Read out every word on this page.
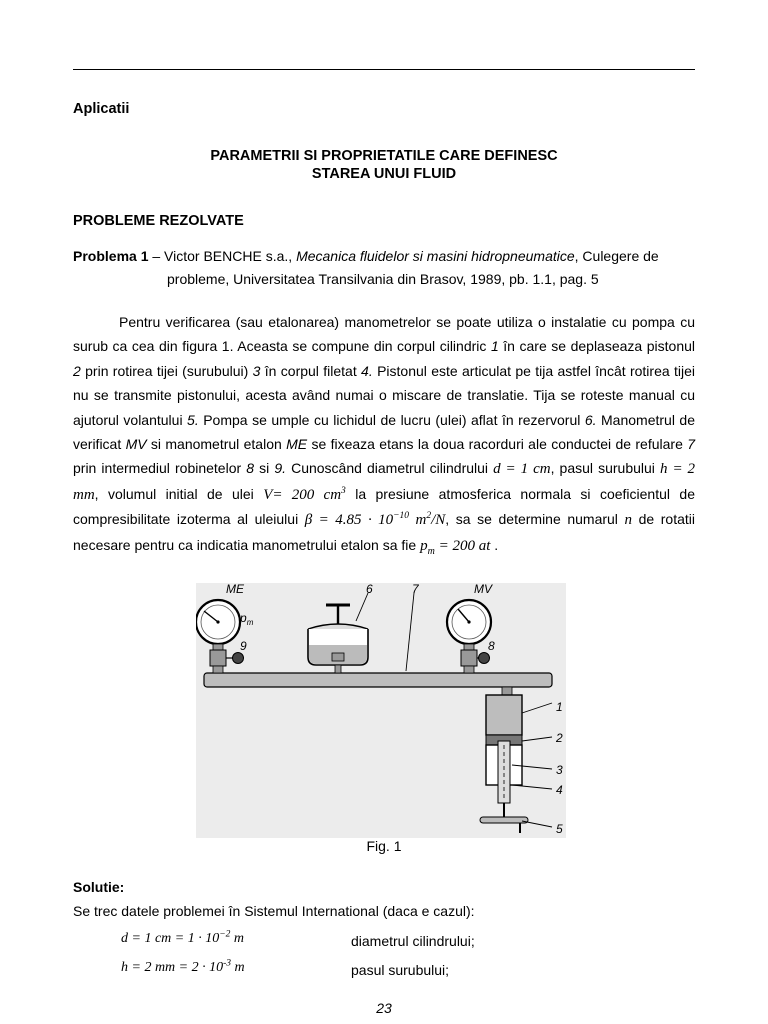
Aplicatii
PARAMETRII SI PROPRIETATILE CARE DEFINESC
STAREA UNUI FLUID
PROBLEME REZOLVATE
Problema 1 – Victor BENCHE s.a., Mecanica fluidelor si masini hidropneumatice, Culegere de
probleme, Universitatea Transilvania din Brasov, 1989, pb. 1.1, pag. 5
Pentru verificarea (sau etalonarea) manometrelor se poate utiliza o instalatie cu pompa cu surub ca cea din figura 1. Aceasta se compune din corpul cilindric 1 în care se deplaseaza pistonul 2 prin rotirea tijei (surubului) 3 în corpul filetat 4. Pistonul este articulat pe tija astfel încât rotirea tijei nu se transmite pistonului, acesta având numai o miscare de translatie. Tija se roteste manual cu ajutorul volantului 5. Pompa se umple cu lichidul de lucru (ulei) aflat în rezervorul 6. Manometrul de verificat MV si manometrul etalon ME se fixeaza etans la doua racorduri ale conductei de refulare 7 prin intermediul robinetelor 8 si 9. Cunoscând diametrul cilindrului d = 1 cm, pasul surubului h = 2 mm, volumul initial de ulei V= 200 $cm^3$ la presiune atmosferica normala si coeficientul de compresibilitate izoterma al uleiului $\beta = 4.85 \cdot 10^{-10}$ $m^2/N$, sa se determine numarul n de rotatii necesare pentru ca indicatia manometrului etalon sa fie $p_m = 200$ at .
ME	MV
$p_m$
9	8
6	7
1
2
3
4
5
Fig. 1
Solutie:
Se trec datele problemei în Sistemul International (daca e cazul):
d = 1 cm = $1 \cdot 10^{-2}$ m	diametrul cilindrului;
h = 2 mm = $2 \cdot 10^{-3}$ m	pasul surubului;
23
